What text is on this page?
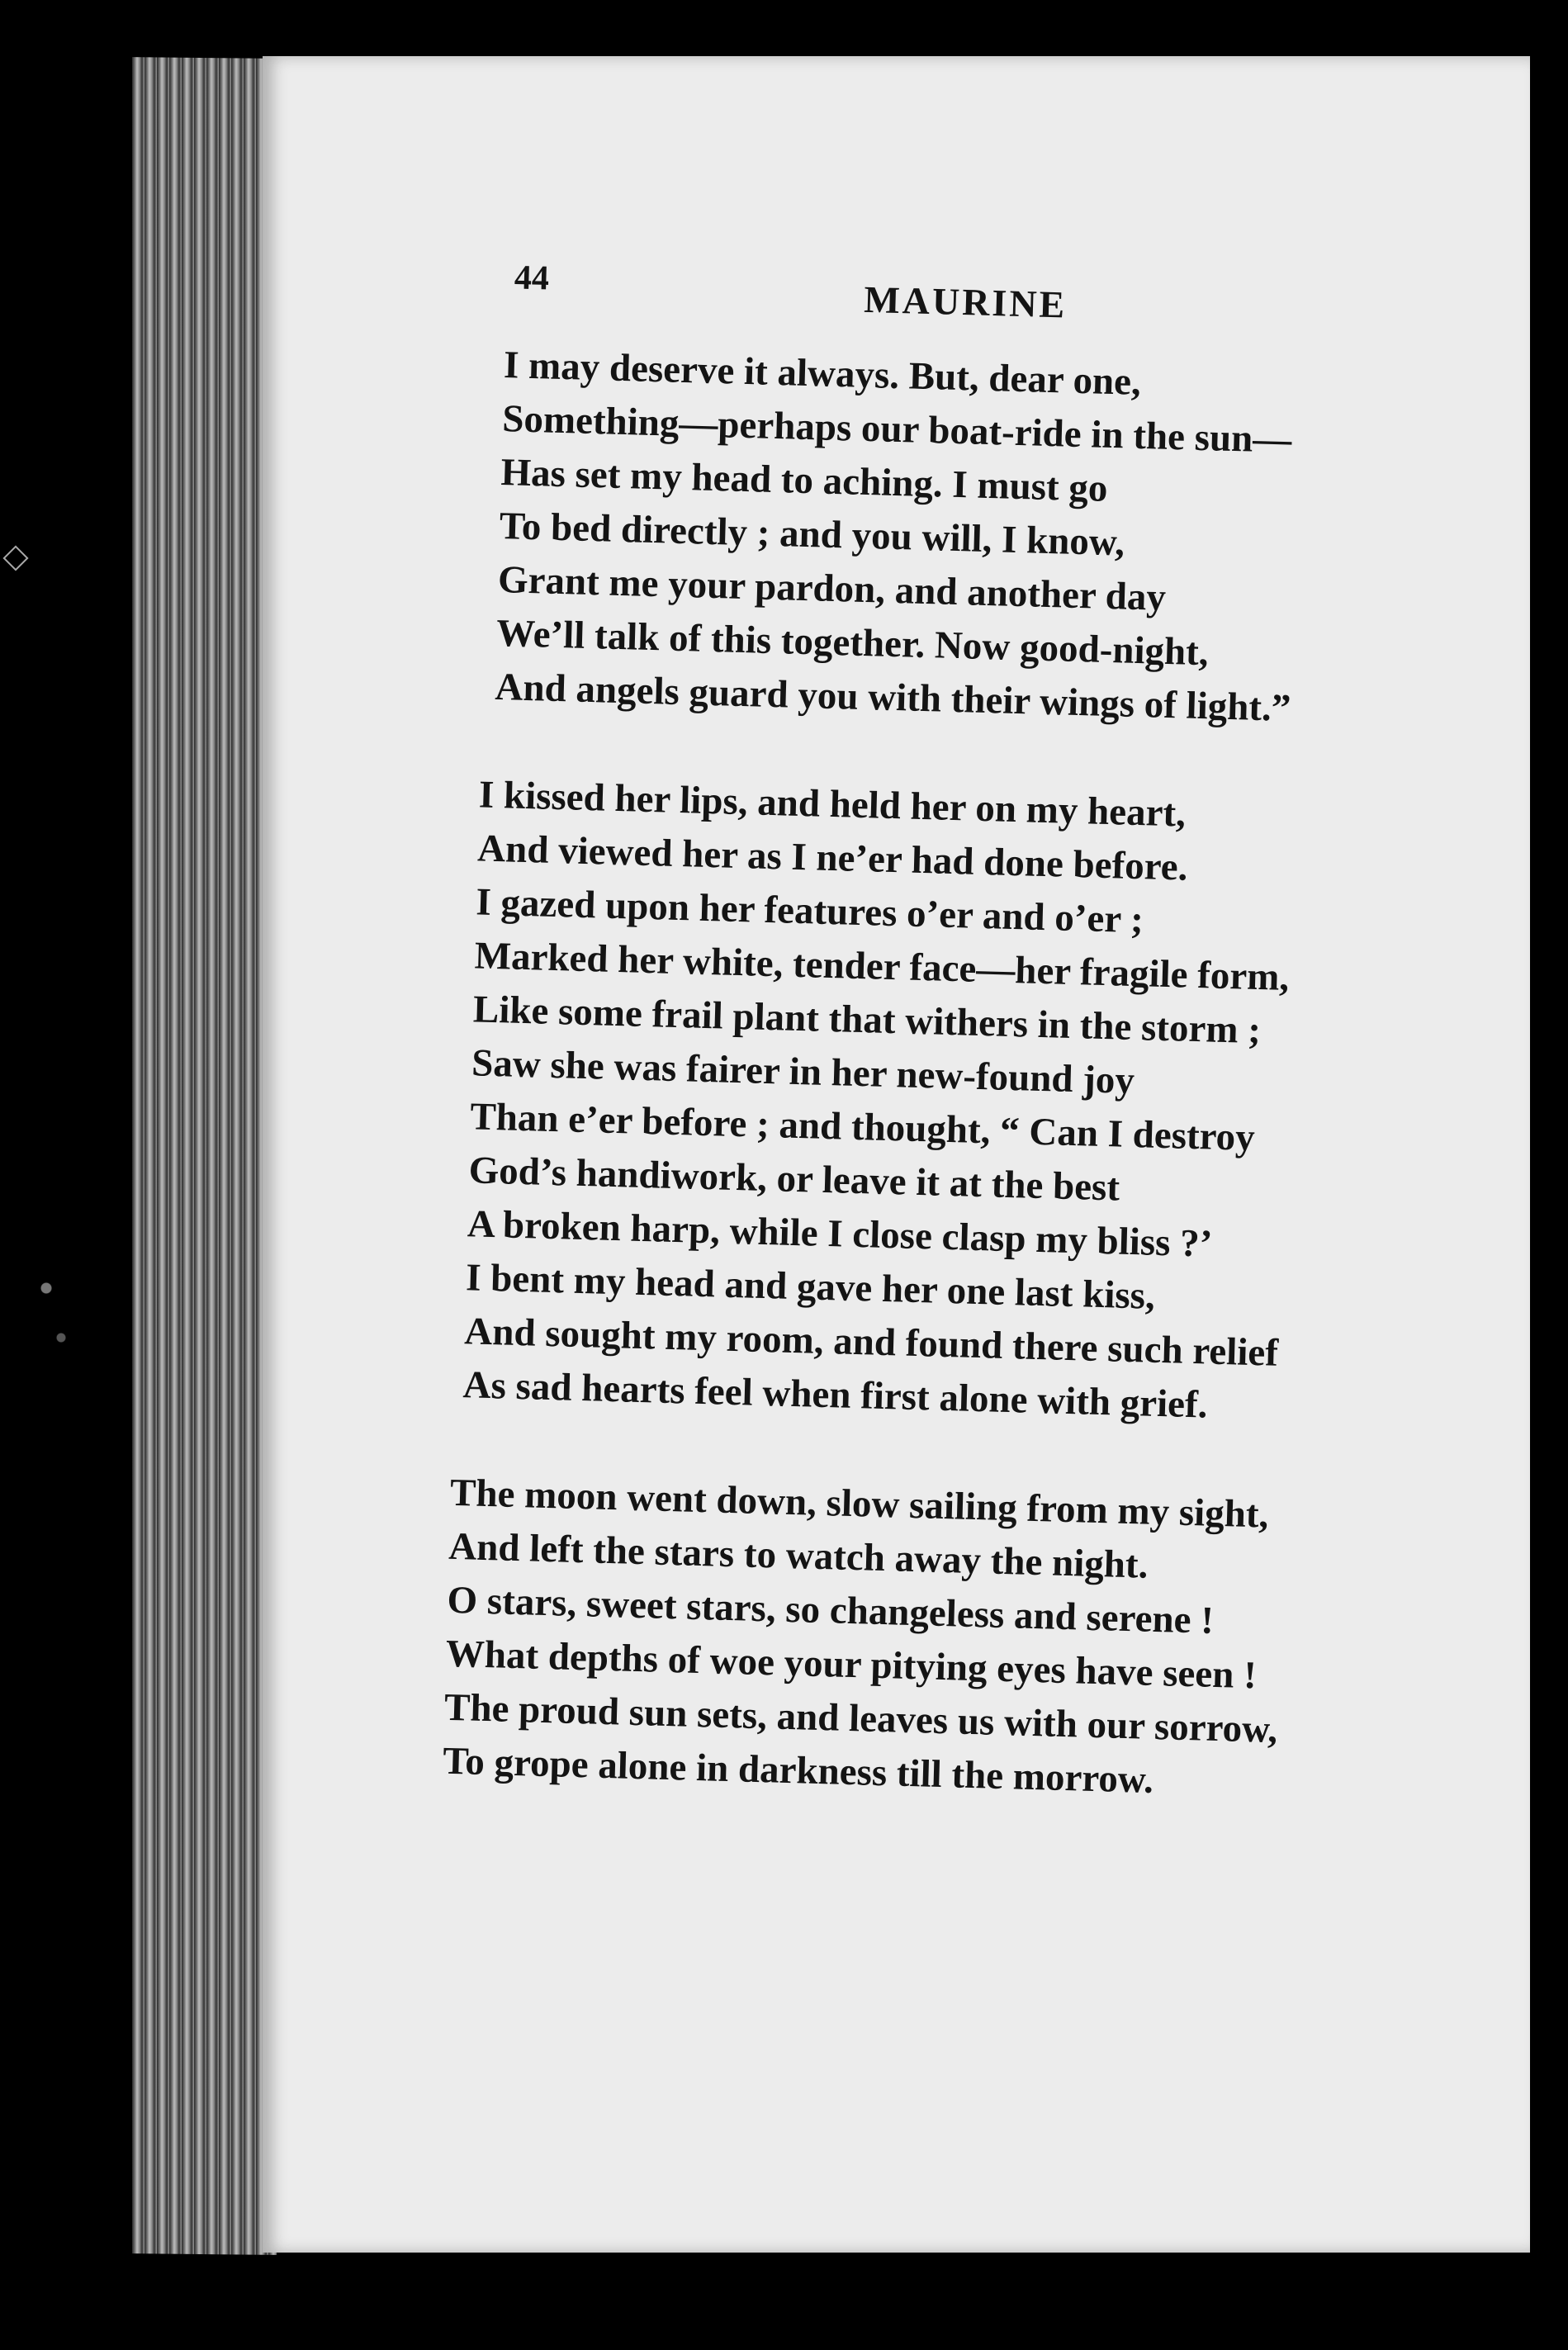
44	MAURINE
I may deserve it always. But, dear one,
Something—perhaps our boat-ride in the sun—
Has set my head to aching. I must go
To bed directly ; and you will, I know,
Grant me your pardon, and another day
We’ll talk of this together. Now good-night,
And angels guard you with their wings of light.”
I kissed her lips, and held her on my heart,
And viewed her as I ne’er had done before.
I gazed upon her features o’er and o’er ;
Marked her white, tender face—her fragile form,
Like some frail plant that withers in the storm ;
Saw she was fairer in her new-found joy
Than e’er before ; and thought, “ Can I destroy
God’s handiwork, or leave it at the best
A broken harp, while I close clasp my bliss ?’
I bent my head and gave her one last kiss,
And sought my room, and found there such relief
As sad hearts feel when first alone with grief.
The moon went down, slow sailing from my sight,
And left the stars to watch away the night.
O stars, sweet stars, so changeless and serene !
What depths of woe your pitying eyes have seen !
The proud sun sets, and leaves us with our sorrow,
To grope alone in darkness till the morrow.
